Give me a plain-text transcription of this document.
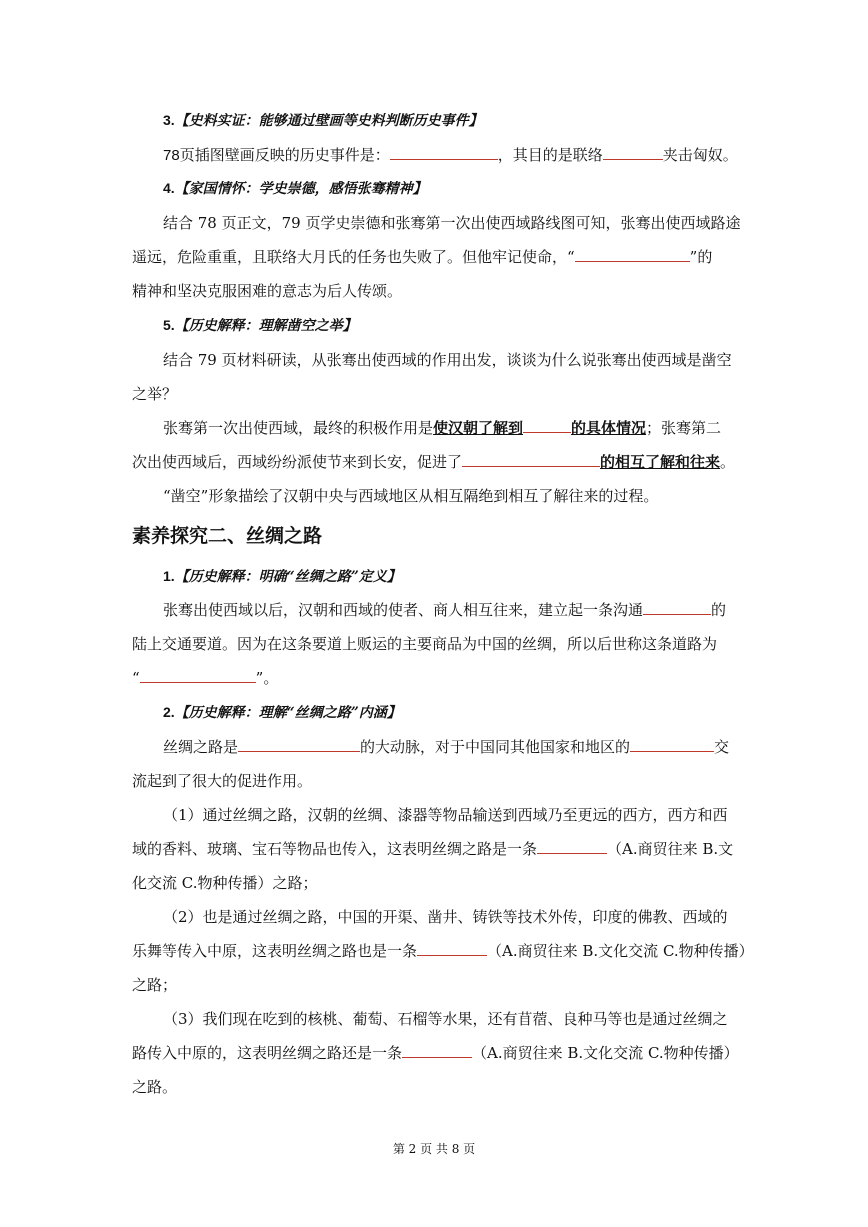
3.【史料实证：能够通过壁画等史料判断历史事件】
78页插图壁画反映的历史事件是：	，其目的是联络	夹击匈奴。
4.【家国情怀：学史崇德，感悟张骞精神】
结合 78 页正文，79 页学史崇德和张骞第一次出使西域路线图可知，张骞出使西域路途
遥远，危险重重，且联络大月氏的任务也失败了。但他牢记使命，“	”的
精神和坚决克服困难的意志为后人传颂。
5.【历史解释：理解凿空之举】
结合 79 页材料研读，从张骞出使西域的作用出发，谈谈为什么说张骞出使西域是凿空
之举？
张骞第一次出使西域，最终的积极作用是使汉朝了解到	的具体情况；张骞第二
次出使西域后，西域纷纷派使节来到长安，促进了	的相互了解和往来。
“凿空”形象描绘了汉朝中央与西域地区从相互隔绝到相互了解往来的过程。
素养探究二、丝绸之路
1.【历史解释：明确“丝绸之路”定义】
张骞出使西域以后，汉朝和西域的使者、商人相互往来，建立起一条沟通	的
陆上交通要道。因为在这条要道上贩运的主要商品为中国的丝绸，所以后世称这条道路为
“	”。
2.【历史解释：理解“丝绸之路”内涵】
丝绸之路是	的大动脉，对于中国同其他国家和地区的	交
流起到了很大的促进作用。
（1）通过丝绸之路，汉朝的丝绸、漆器等物品输送到西域乃至更远的西方，西方和西
域的香料、玻璃、宝石等物品也传入，这表明丝绸之路是一条	（A.商贸往来 B.文
化交流 C.物种传播）之路；
（2）也是通过丝绸之路，中国的开渠、凿井、铸铁等技术外传，印度的佛教、西域的
乐舞等传入中原，这表明丝绸之路也是一条	（A.商贸往来 B.文化交流 C.物种传播）
之路；
（3）我们现在吃到的核桃、葡萄、石榴等水果，还有苜蓿、良种马等也是通过丝绸之
路传入中原的，这表明丝绸之路还是一条	（A.商贸往来 B.文化交流 C.物种传播）
之路。
第 2 页 共 8 页
